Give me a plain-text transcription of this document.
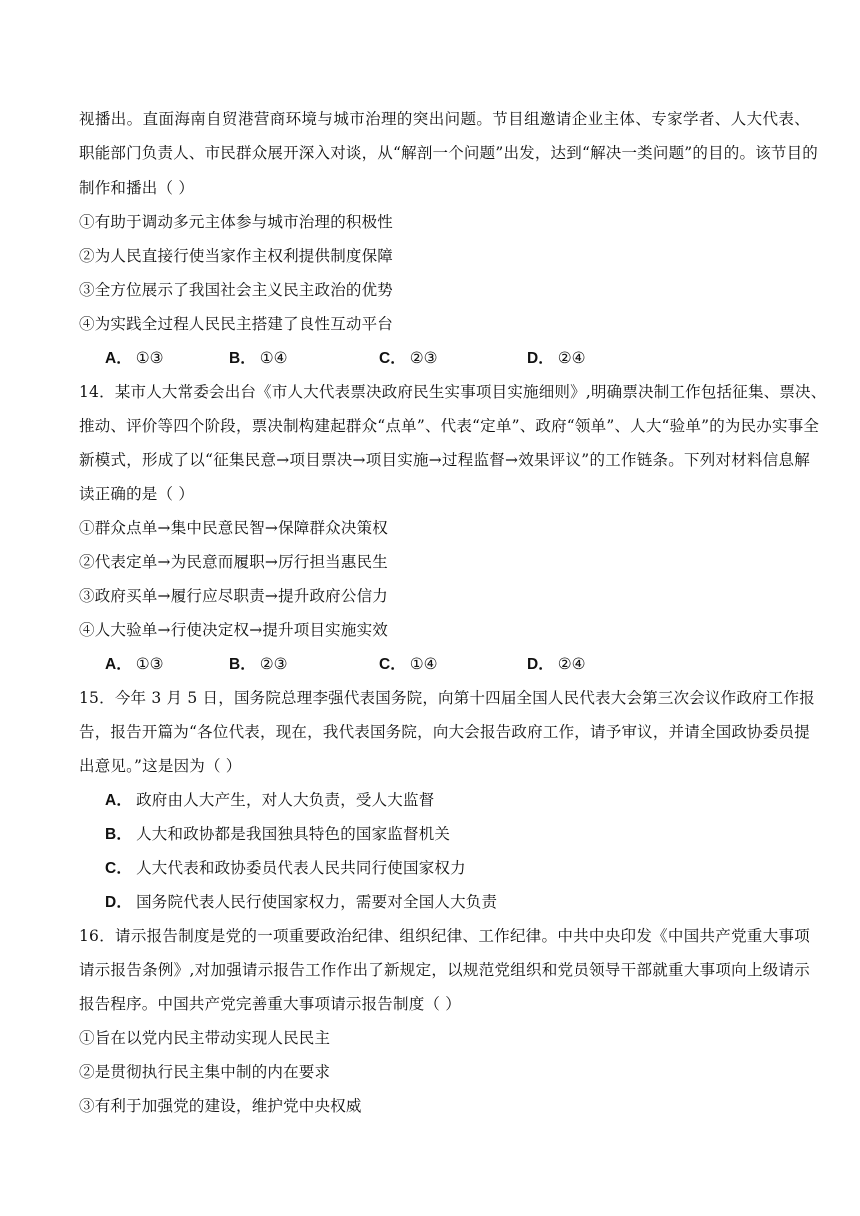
视播出。直面海南自贸港营商环境与城市治理的突出问题。节目组邀请企业主体、专家学者、人大代表、
职能部门负责人、市民群众展开深入对谈，从“解剖一个问题”出发，达到“解决一类问题”的目的。该节目的
制作和播出（ ）
①有助于调动多元主体参与城市治理的积极性
②为人民直接行使当家作主权利提供制度保障
③全方位展示了我国社会主义民主政治的优势
④为实践全过程人民民主搭建了良性互动平台
A． ①③	B． ①④	C． ②③	D． ②④
14．某市人大常委会出台《市人大代表票决政府民生实事项目实施细则》,明确票决制工作包括征集、票决、
推动、评价等四个阶段，票决制构建起群众“点单”、代表“定单”、政府“领单”、人大“验单”的为民办实事全
新模式，形成了以“征集民意→项目票决→项目实施→过程监督→效果评议”的工作链条。下列对材料信息解
读正确的是（ ）
①群众点单→集中民意民智→保障群众决策权
②代表定单→为民意而履职→厉行担当惠民生
③政府买单→履行应尽职责→提升政府公信力
④人大验单→行使决定权→提升项目实施实效
A． ①③	B． ②③	C． ①④	D． ②④
15．今年 3 月 5 日，国务院总理李强代表国务院，向第十四届全国人民代表大会第三次会议作政府工作报
告，报告开篇为“各位代表，现在，我代表国务院，向大会报告政府工作，请予审议，并请全国政协委员提
出意见。”这是因为（ ）
A． 政府由人大产生，对人大负责，受人大监督
B． 人大和政协都是我国独具特色的国家监督机关
C． 人大代表和政协委员代表人民共同行使国家权力
D． 国务院代表人民行使国家权力，需要对全国人大负责
16．请示报告制度是党的一项重要政治纪律、组织纪律、工作纪律。中共中央印发《中国共产党重大事项
请示报告条例》,对加强请示报告工作作出了新规定，以规范党组织和党员领导干部就重大事项向上级请示
报告程序。中国共产党完善重大事项请示报告制度（ ）
①旨在以党内民主带动实现人民民主
②是贯彻执行民主集中制的内在要求
③有利于加强党的建设，维护党中央权威
